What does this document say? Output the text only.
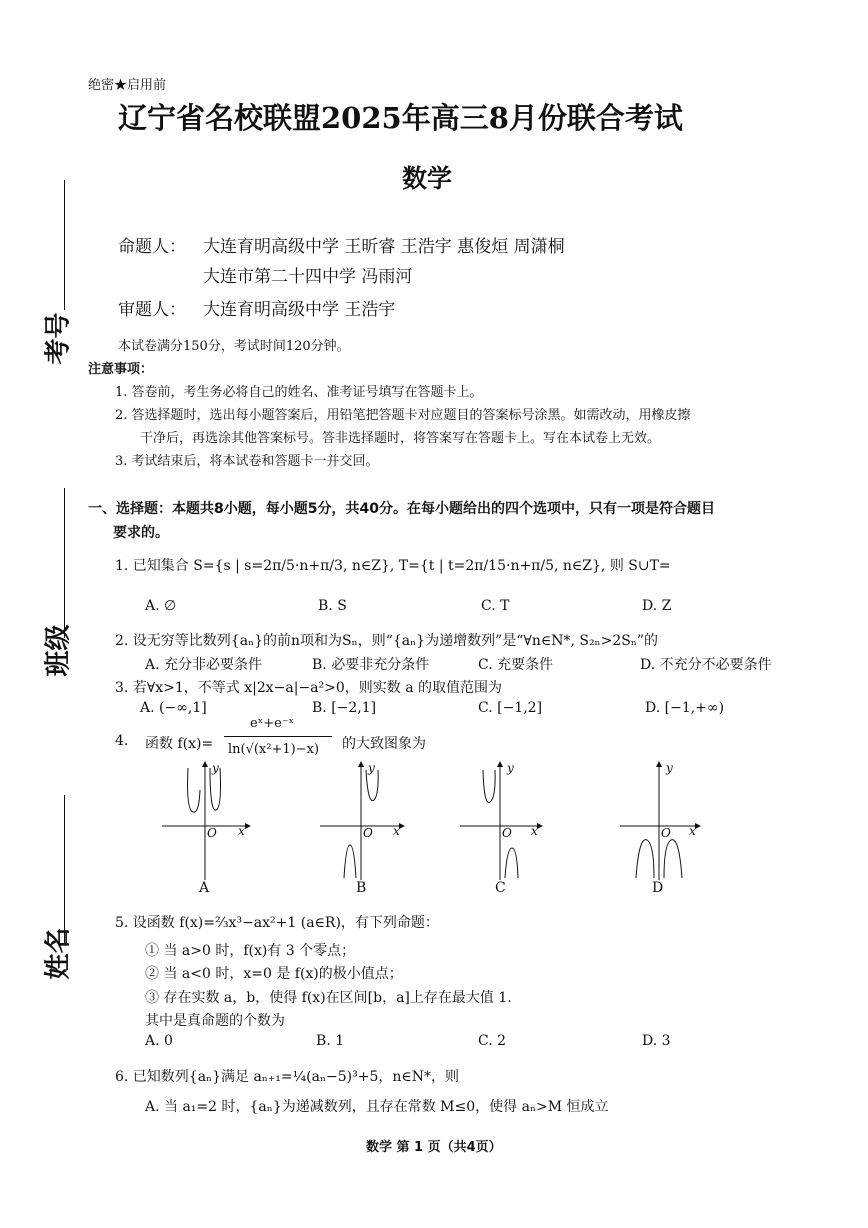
绝密★启用前
辽宁省名校联盟2025年高三8月份联合考试
数学
命题人： 大连育明高级中学 王昕睿 王浩宇 惠俊烜 周潇桐
大连市第二十四中学 冯雨河
审题人： 大连育明高级中学 王浩宇
考号
班级
姓名
本试卷满分150分，考试时间120分钟。
注意事项：
1. 答卷前，考生务必将自己的姓名、准考证号填写在答题卡上。
2. 答选择题时，选出每小题答案后，用铅笔把答题卡对应题目的答案标号涂黑。如需改动，用橡皮擦
干净后，再选涂其他答案标号。答非选择题时，将答案写在答题卡上。写在本试卷上无效。
3. 考试结束后，将本试卷和答题卡一并交回。
一、选择题：本题共8小题，每小题5分，共40分。在每小题给出的四个选项中，只有一项是符合题目
要求的。
1. 已知集合 S={s | s=2π/5·n+π/3, n∈Z}, T={t | t=2π/15·n+π/5, n∈Z}, 则 S∪T=
A. ∅	B. S	C. T	D. Z
2. 设无穷等比数列{aₙ}的前n项和为Sₙ，则“{aₙ}为递增数列”是“∀n∈N*, S₂ₙ>2Sₙ”的
A. 充分非必要条件	B. 必要非充分条件	C. 充要条件	D. 不充分不必要条件
3. 若∀x>1，不等式 x|2x−a|−a²>0，则实数 a 的取值范围为
A. (−∞,1]	B. [−2,1]	C. [−1,2]	D. [−1,+∞)
4. 函数 f(x)=
eˣ+e⁻ˣ
ln(√(x²+1)−x) 的大致图象为
y
x
O
y
x
O
y
x
O
y
x
O
A	B	C	D
5. 设函数 f(x)=⅔x³−ax²+1 (a∈R)，有下列命题：
① 当 a>0 时，f(x)有 3 个零点；
② 当 a<0 时，x=0 是 f(x)的极小值点；
③ 存在实数 a，b，使得 f(x)在区间[b，a]上存在最大值 1.
其中是真命题的个数为
A. 0	B. 1	C. 2	D. 3
6. 已知数列{aₙ}满足 aₙ₊₁=¼(aₙ−5)³+5，n∈N*，则
A. 当 a₁=2 时，{aₙ}为递减数列，且存在常数 M≤0，使得 aₙ>M 恒成立
数学 第 1 页（共4页）
